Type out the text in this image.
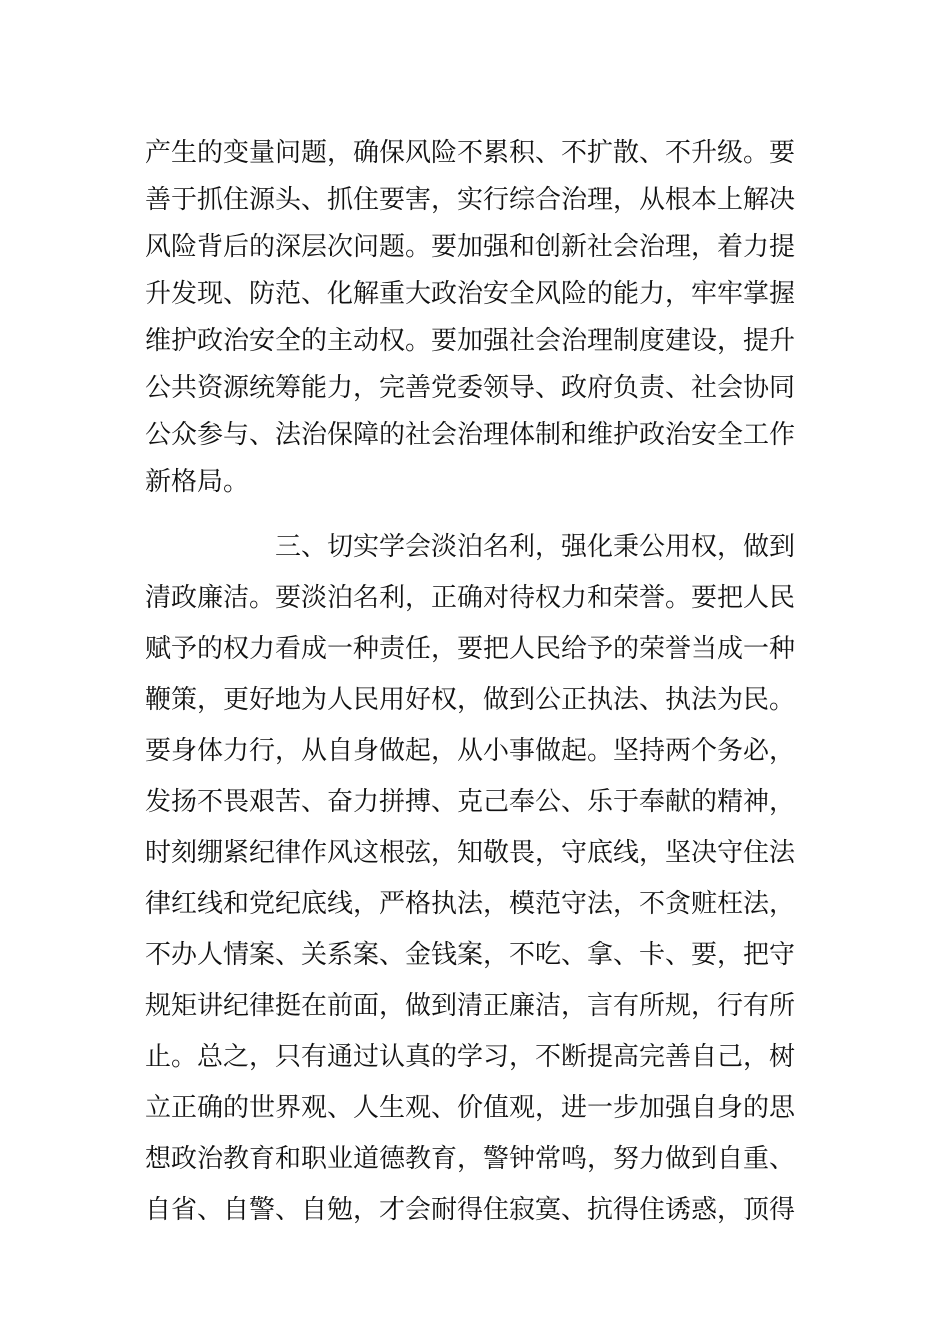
产生的变量问题，确保风险不累积、不扩散、不升级。要
善于抓住源头、抓住要害，实行综合治理，从根本上解决
风险背后的深层次问题。要加强和创新社会治理，着力提
升发现、防范、化解重大政治安全风险的能力，牢牢掌握
维护政治安全的主动权。要加强社会治理制度建设，提升
公共资源统筹能力，完善党委领导、政府负责、社会协同
公众参与、法治保障的社会治理体制和维护政治安全工作
新格局。
三、切实学会淡泊名利，强化秉公用权，做到
清政廉洁。要淡泊名利，正确对待权力和荣誉。要把人民
赋予的权力看成一种责任，要把人民给予的荣誉当成一种
鞭策，更好地为人民用好权，做到公正执法、执法为民。
要身体力行，从自身做起，从小事做起。坚持两个务必，
发扬不畏艰苦、奋力拼搏、克己奉公、乐于奉献的精神，
时刻绷紧纪律作风这根弦，知敬畏，守底线，坚决守住法
律红线和党纪底线，严格执法，模范守法，不贪赃枉法，
不办人情案、关系案、金钱案，不吃、拿、卡、要，把守
规矩讲纪律挺在前面，做到清正廉洁，言有所规，行有所
止。总之，只有通过认真的学习，不断提高完善自己，树
立正确的世界观、人生观、价值观，进一步加强自身的思
想政治教育和职业道德教育，警钟常鸣，努力做到自重、
自省、自警、自勉，才会耐得住寂寞、抗得住诱惑，顶得
